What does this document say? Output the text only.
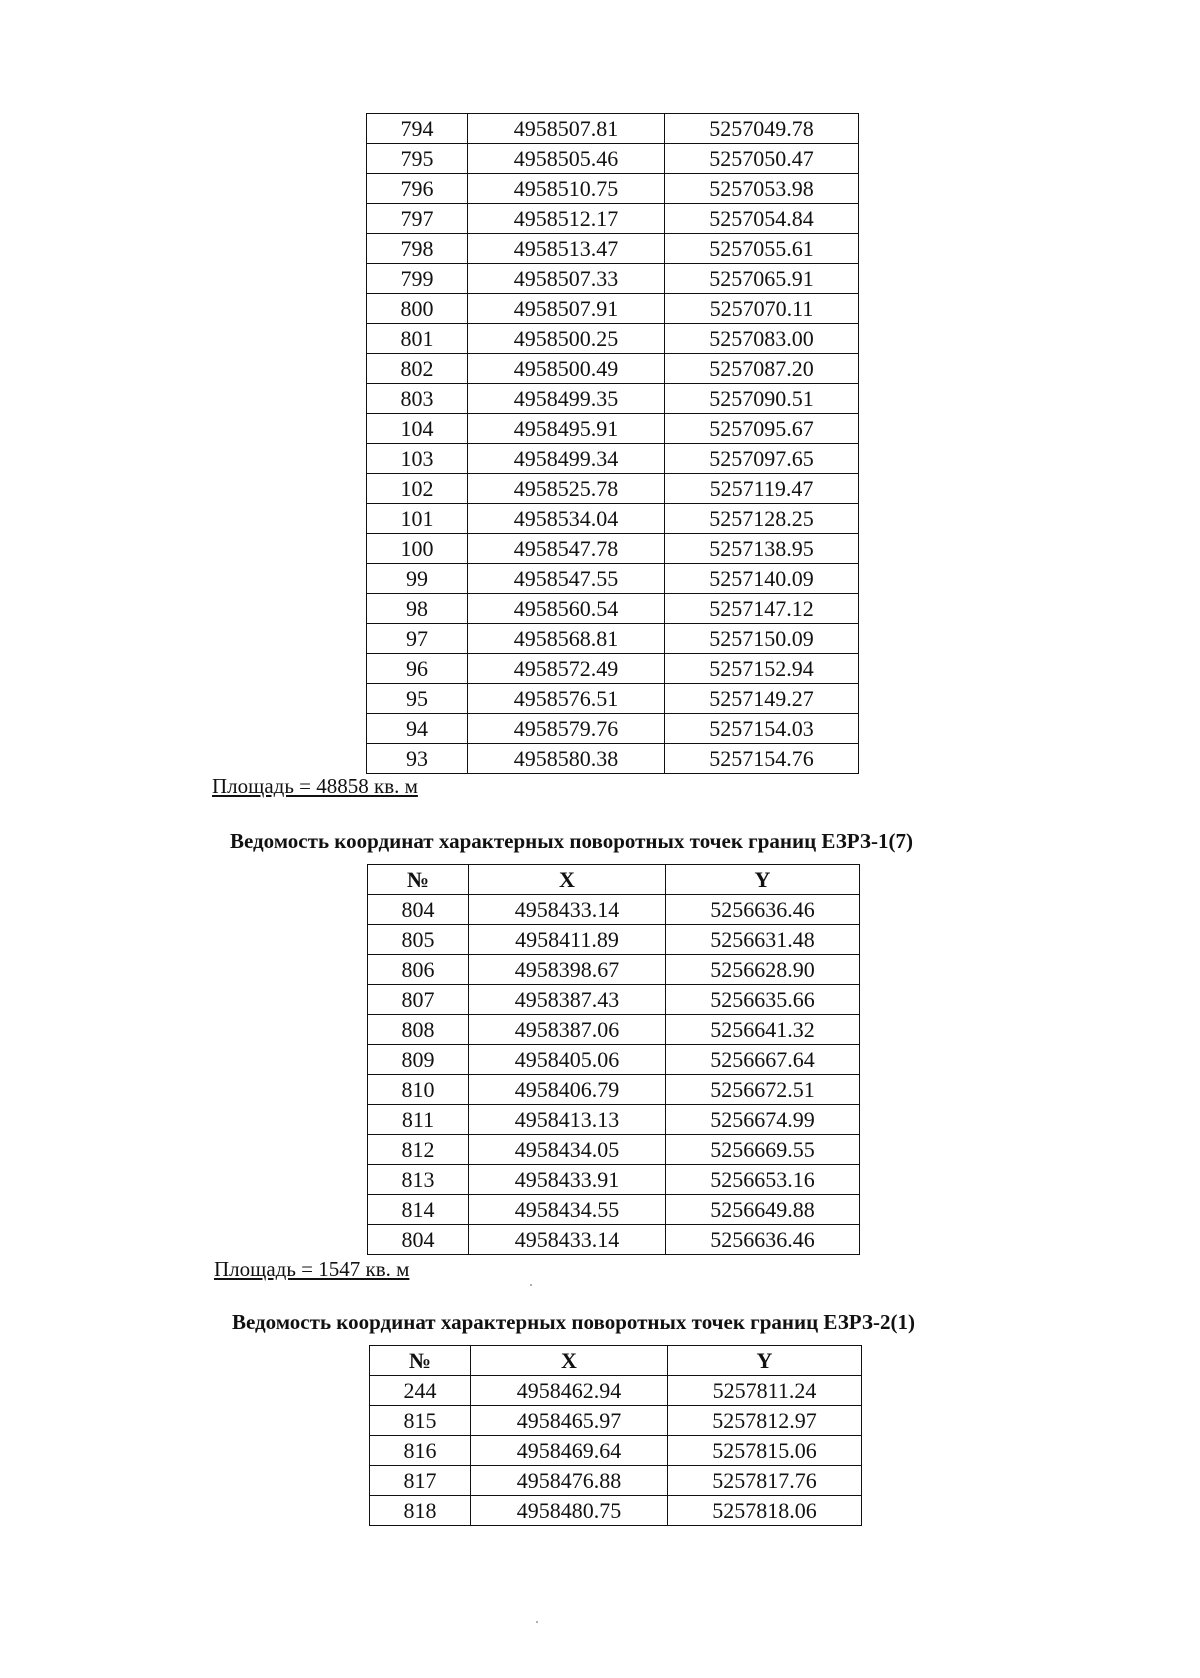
794	4958507.81	5257049.78
795	4958505.46	5257050.47
796	4958510.75	5257053.98
797	4958512.17	5257054.84
798	4958513.47	5257055.61
799	4958507.33	5257065.91
800	4958507.91	5257070.11
801	4958500.25	5257083.00
802	4958500.49	5257087.20
803	4958499.35	5257090.51
104	4958495.91	5257095.67
103	4958499.34	5257097.65
102	4958525.78	5257119.47
101	4958534.04	5257128.25
100	4958547.78	5257138.95
99	4958547.55	5257140.09
98	4958560.54	5257147.12
97	4958568.81	5257150.09
96	4958572.49	5257152.94
95	4958576.51	5257149.27
94	4958579.76	5257154.03
93	4958580.38	5257154.76
Площадь = 48858 кв. м
Ведомость координат характерных поворотных точек границ ЕЗРЗ-1(7)
№	X	Y
804	4958433.14	5256636.46
805	4958411.89	5256631.48
806	4958398.67	5256628.90
807	4958387.43	5256635.66
808	4958387.06	5256641.32
809	4958405.06	5256667.64
810	4958406.79	5256672.51
811	4958413.13	5256674.99
812	4958434.05	5256669.55
813	4958433.91	5256653.16
814	4958434.55	5256649.88
804	4958433.14	5256636.46
Площадь = 1547 кв. м
Ведомость координат характерных поворотных точек границ ЕЗРЗ-2(1)
№	X	Y
244	4958462.94	5257811.24
815	4958465.97	5257812.97
816	4958469.64	5257815.06
817	4958476.88	5257817.76
818	4958480.75	5257818.06
